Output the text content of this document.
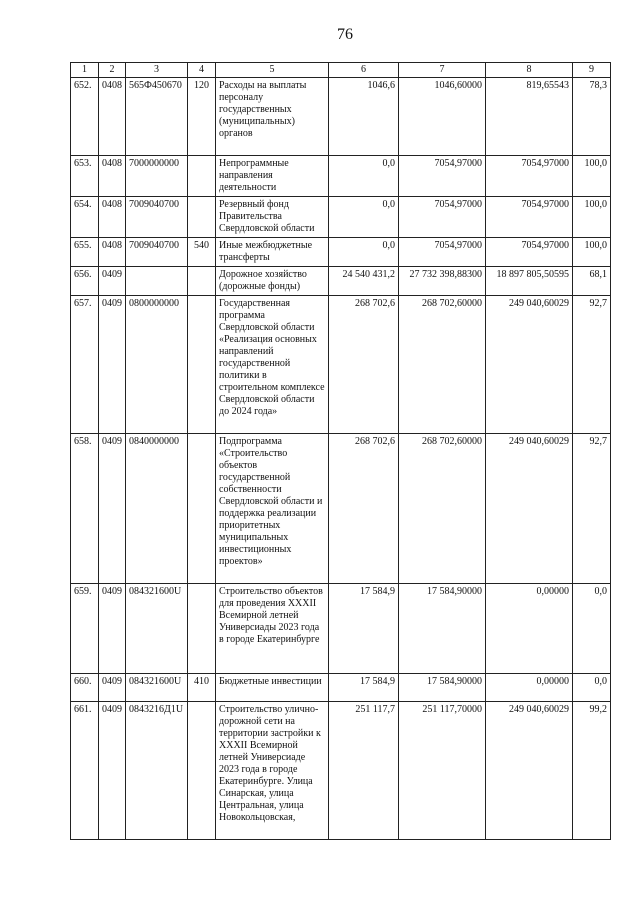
76
1	2	3	4	5	6	7	8	9
652.	0408	565Ф450670	120	Расходы на выплаты персоналу государственных (муниципальных) органов	1046,6	1046,60000	819,65543	78,3
653.	0408	7000000000		Непрограммные направления деятельности	0,0	7054,97000	7054,97000	100,0
654.	0408	7009040700		Резервный фонд Правительства Свердловской области	0,0	7054,97000	7054,97000	100,0
655.	0408	7009040700	540	Иные межбюджетные трансферты	0,0	7054,97000	7054,97000	100,0
656.	0409			Дорожное хозяйство (дорожные фонды)	24 540 431,2	27 732 398,88300	18 897 805,50595	68,1
657.	0409	0800000000		Государственная программа Свердловской области «Реализация основных направлений государственной политики в строительном комплексе Свердловской области до 2024 года»	268 702,6	268 702,60000	249 040,60029	92,7
658.	0409	0840000000		Подпрограмма «Строительство объектов государственной собственности Свердловской области и поддержка реализации приоритетных муниципальных инвестиционных проектов»	268 702,6	268 702,60000	249 040,60029	92,7
659.	0409	084321600U		Строительство объектов для проведения XXXII Всемирной летней Универсиады 2023 года в городе Екатеринбурге	17 584,9	17 584,90000	0,00000	0,0
660.	0409	084321600U	410	Бюджетные инвестиции	17 584,9	17 584,90000	0,00000	0,0
661.	0409	0843216Д1U		Строительство улично-дорожной сети на территории застройки к XXXII Всемирной летней Универсиаде 2023 года в городе Екатеринбурге. Улица Синарская, улица Центральная, улица Новокольцовская,	251 117,7	251 117,70000	249 040,60029	99,2
